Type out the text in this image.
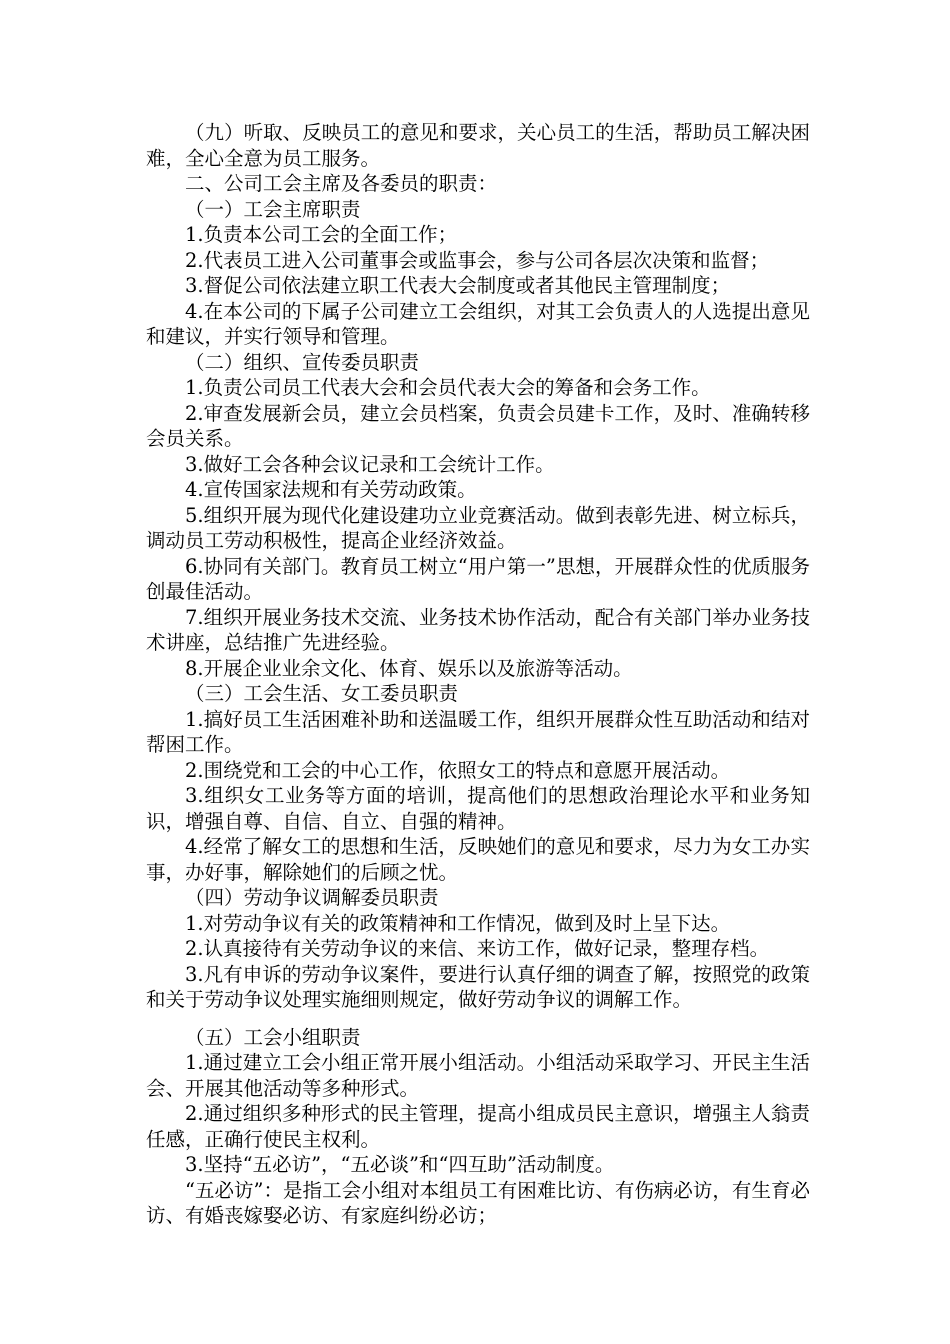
（九）听取、反映员工的意见和要求，关心员工的生活，帮助员工解决困难，全心全意为员工服务。

二、公司工会主席及各委员的职责：

（一）工会主席职责

1.负责本公司工会的全面工作；

2.代表员工进入公司董事会或监事会，参与公司各层次决策和监督；

3.督促公司依法建立职工代表大会制度或者其他民主管理制度；

4.在本公司的下属子公司建立工会组织，对其工会负责人的人选提出意见和建议，并实行领导和管理。

（二）组织、宣传委员职责

1.负责公司员工代表大会和会员代表大会的筹备和会务工作。

2.审查发展新会员，建立会员档案，负责会员建卡工作，及时、准确转移会员关系。

3.做好工会各种会议记录和工会统计工作。

4.宣传国家法规和有关劳动政策。

5.组织开展为现代化建设建功立业竞赛活动。做到表彰先进、树立标兵，调动员工劳动积极性，提高企业经济效益。

6.协同有关部门。教育员工树立“用户第一”思想，开展群众性的优质服务创最佳活动。

7.组织开展业务技术交流、业务技术协作活动，配合有关部门举办业务技术讲座，总结推广先进经验。

8.开展企业业余文化、体育、娱乐以及旅游等活动。

（三）工会生活、女工委员职责

1.搞好员工生活困难补助和送温暖工作，组织开展群众性互助活动和结对帮困工作。

2.围绕党和工会的中心工作，依照女工的特点和意愿开展活动。

3.组织女工业务等方面的培训，提高他们的思想政治理论水平和业务知识，增强自尊、自信、自立、自强的精神。

4.经常了解女工的思想和生活，反映她们的意见和要求，尽力为女工办实事，办好事，解除她们的后顾之忧。

（四）劳动争议调解委员职责

1.对劳动争议有关的政策精神和工作情况，做到及时上呈下达。

2.认真接待有关劳动争议的来信、来访工作，做好记录，整理存档。

3.凡有申诉的劳动争议案件，要进行认真仔细的调查了解，按照党的政策和关于劳动争议处理实施细则规定，做好劳动争议的调解工作。

（五）工会小组职责

1.通过建立工会小组正常开展小组活动。小组活动采取学习、开民主生活会、开展其他活动等多种形式。

2.通过组织多种形式的民主管理，提高小组成员民主意识，增强主人翁责任感，正确行使民主权利。

3.坚持“五必访”，“五必谈”和“四互助”活动制度。

“五必访”：是指工会小组对本组员工有困难比访、有伤病必访，有生育必访、有婚丧嫁娶必访、有家庭纠纷必访；
